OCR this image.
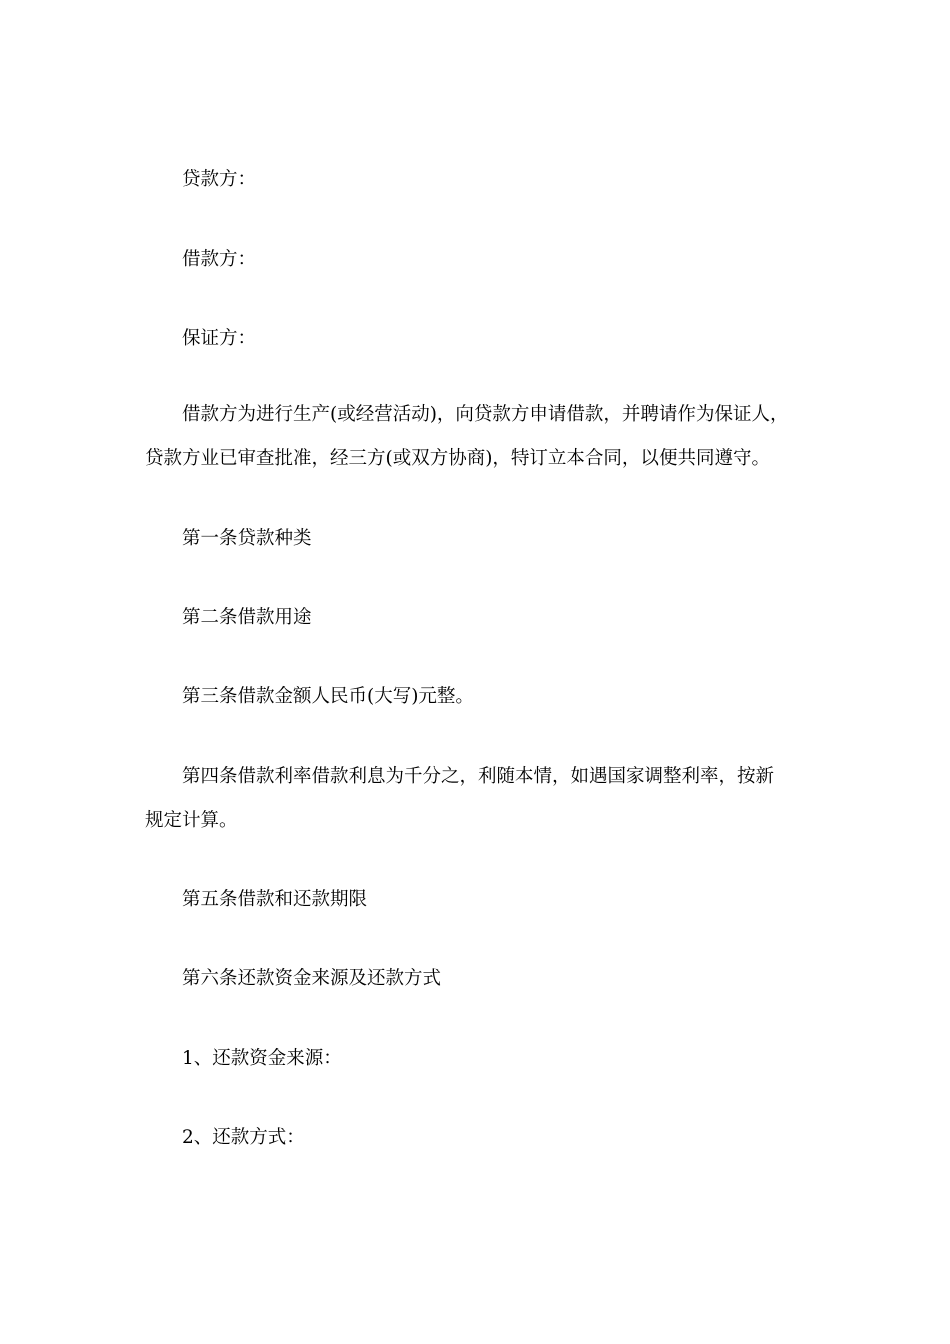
贷款方：

借款方：

保证方：

借款方为进行生产(或经营活动)，向贷款方申请借款，并聘请作为保证人，
贷款方业已审查批准，经三方(或双方协商)，特订立本合同，以便共同遵守。

第一条贷款种类

第二条借款用途

第三条借款金额人民币(大写)元整。

第四条借款利率借款利息为千分之，利随本情，如遇国家调整利率，按新
规定计算。

第五条借款和还款期限

第六条还款资金来源及还款方式

1、还款资金来源：

2、还款方式：
